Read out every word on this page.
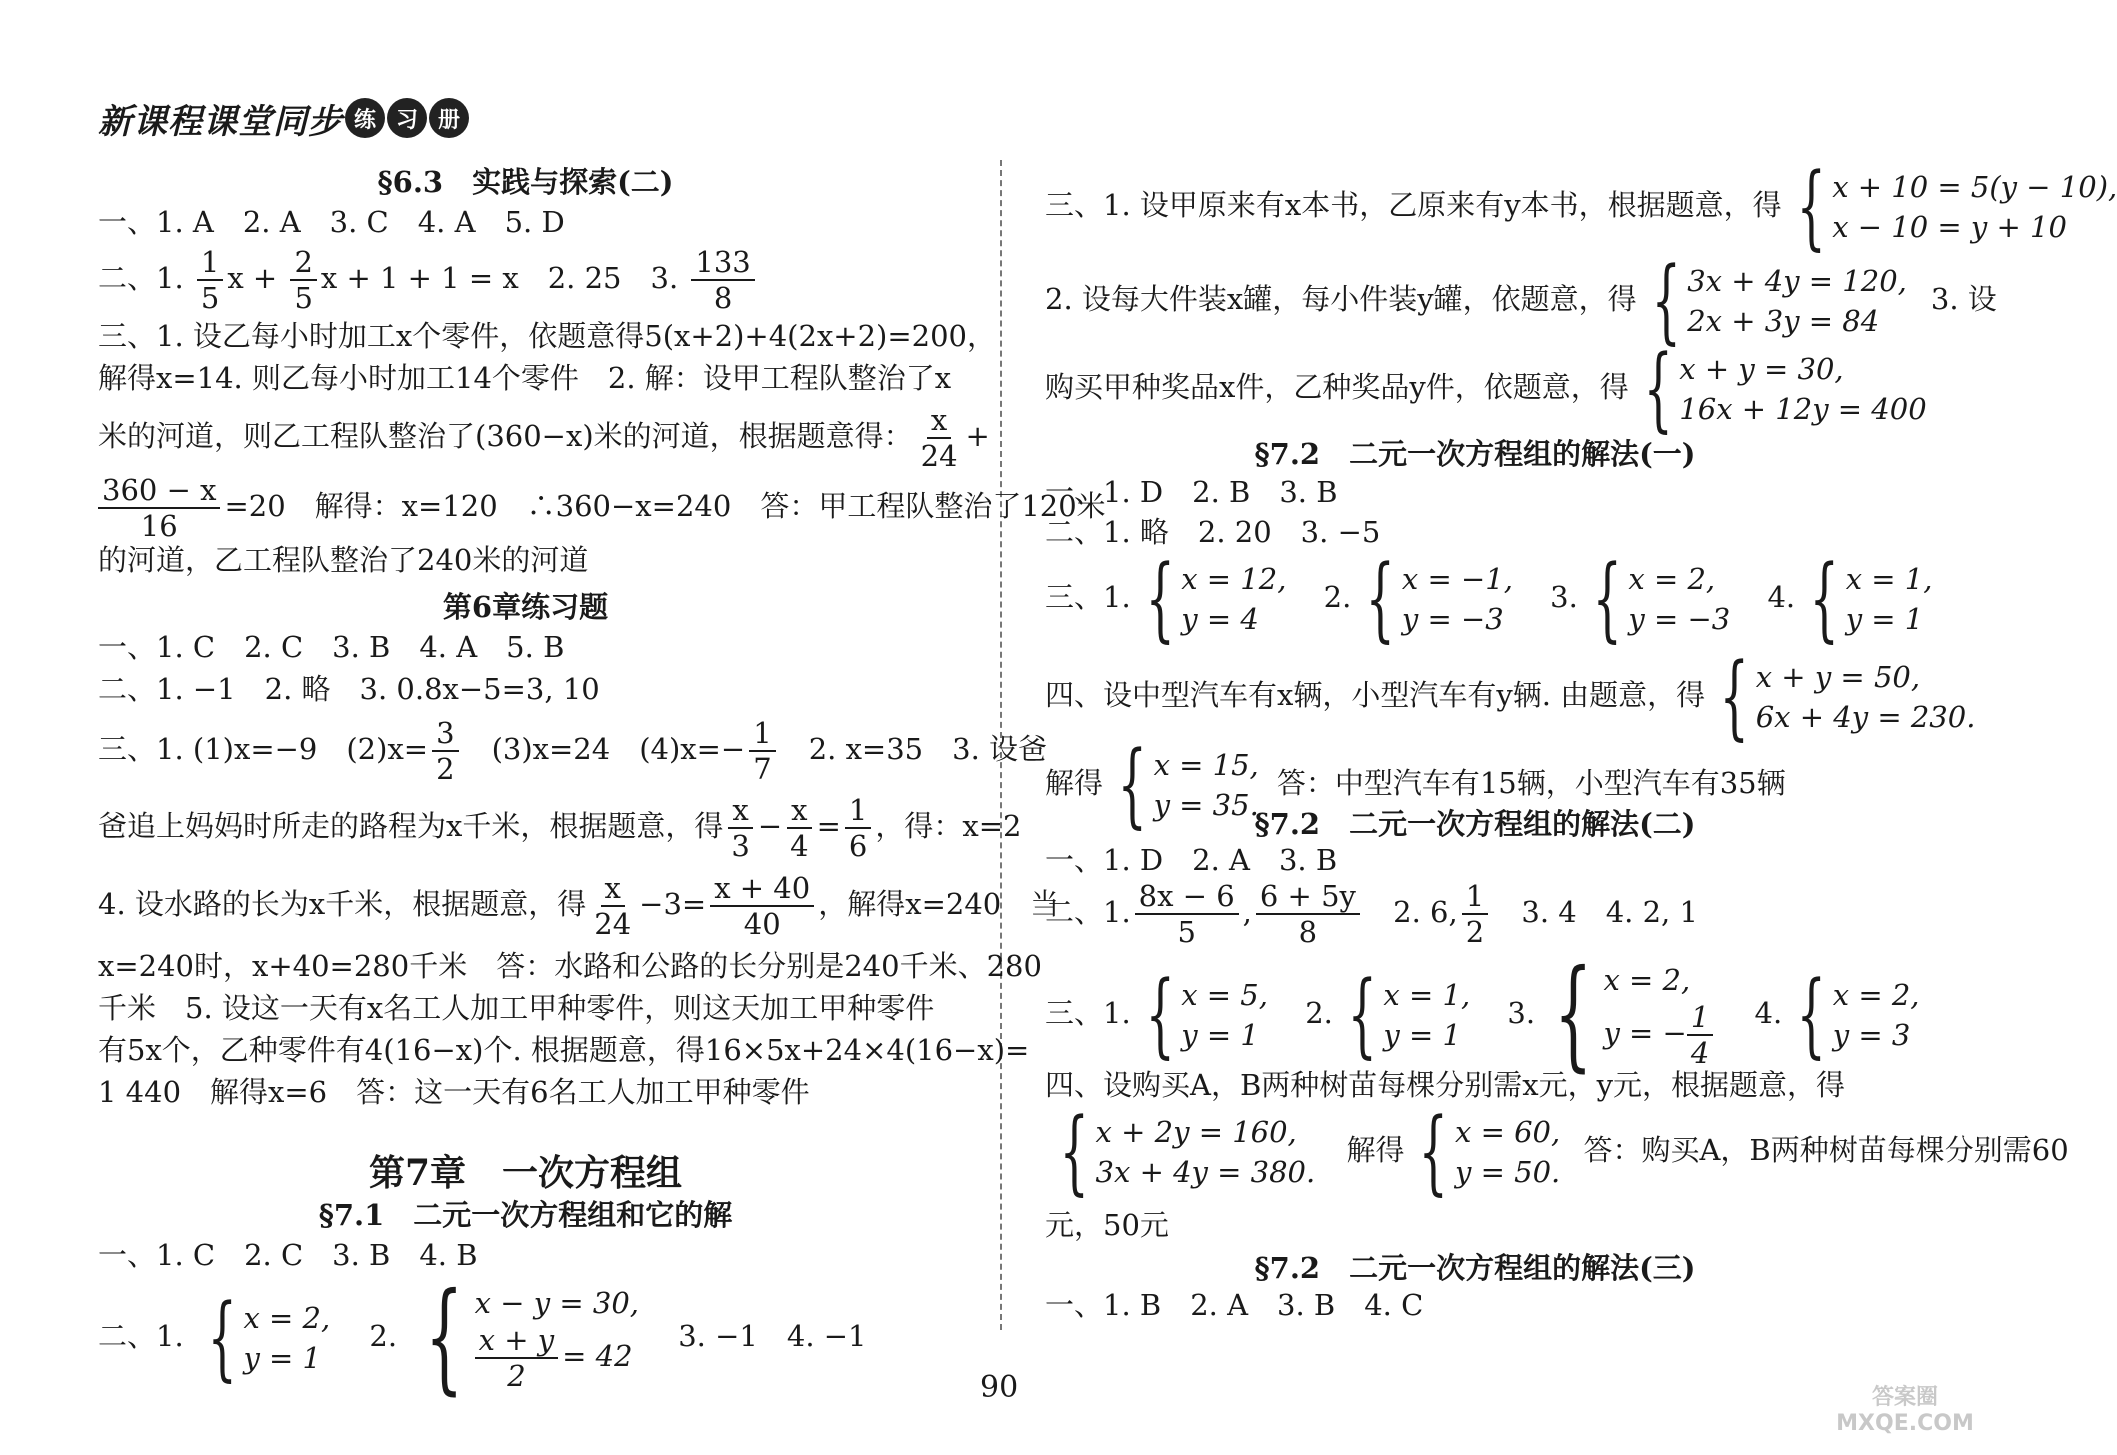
新课程课堂同步 练 习 册
§6.3　实践与探索(二)
一、1. A　2. A　3. C　4. A　5. D
二、1. $\frac{1}{5}$ $x + \frac{2}{5}$ x + 1 + 1 = x　2. 25　3. $\frac{133}{8}$
三、1. 设乙每小时加工x个零件，依题意得5(x+2)+4(2x+2)=200，
解得x=14. 则乙每小时加工14个零件　2. 解：设甲工程队整治了x
米的河道，则乙工程队整治了(360−x)米的河道，根据题意得： $\frac{x}{24}$ +
$\frac{360 - x}{16} =20$　解得：x=120　∴360−x=240　答：甲工程队整治了120米
的河道，乙工程队整治了240米的河道
第6章练习题
一、1. C　2. C　3. B　4. A　5. B
二、1. −1　2. 略　3. 0.8x−5=3, 10
三、1. (1)x=−9　$(2)x= \frac{3}{2}$ 　(3)x=24　$(4)x=- \frac{1}{7}$ 　2. x=35　3. 设爸
爸追上妈妈时所走的路程为x千米，根据题意，得 $\frac{x}{3} - \frac{x}{4} = \frac{1}{6}$ ，得：x=2
4. 设水路的长为x千米，根据题意，得 $\frac{x}{24} -3= \frac{x + 40}{40}$ ，解得x=240　当
x=240时，x+40=280千米　答：水路和公路的长分别是240千米、280
千米　5. 设这一天有x名工人加工甲种零件，则这天加工甲种零件
有5x个，乙种零件有4(16−x)个. 根据题意，得16×5x+24×4(16−x)=
1 440　解得x=6　答：这一天有6名工人加工甲种零件
第7章　一次方程组
§7.1　二元一次方程组和它的解
一、1. C　2. C　3. B　4. B
二、1. { x = 2,
y = 1
2. { x − y = 30,
$\frac{x + y}{2} = 42$
3. −1　4. −1
三、1. 设甲原来有x本书，乙原来有y本书，根据题意，得 { x + 10 = 5(y − 10),
x − 10 = y + 10
2. 设每大件装x罐，每小件装y罐，依题意，得 { 3x + 4y = 120,
2x + 3y = 84
3. 设
购买甲种奖品x件，乙种奖品y件，依题意，得 { x + y = 30,
16x + 12y = 400
§7.2　二元一次方程组的解法(一)
一、1. D　2. B　3. B
二、1. 略　2. 20　3. −5
三、1. { x = 12,
y = 4
2. { x = −1,
y = −3
3. { x = 2,
y = −3
4. { x = 1,
y = 1
四、设中型汽车有x辆，小型汽车有y辆. 由题意，得 { x + y = 50,
6x + 4y = 230.
解得 { x = 15,
y = 35.
答：中型汽车有15辆，小型汽车有35辆
§7.2　二元一次方程组的解法(二)
一、1. D　2. A　3. B
二、1. $\frac{8x - 6}{5}$ , $\frac{6 + 5y}{8} 2$. 6, $\frac{1}{2} 3$. 4　4. 2, 1
三、1. { x = 5,
y = 1
2. { x = 1,
y = 1
3. { x = 2,
y = − $\frac{1}{4} 4$. { x = 2,
y = 3
四、设购买A，B两种树苗每棵分别需x元，y元，根据题意，得
{ x + 2y = 160,
3x + 4y = 380.
解得 { x = 60,
y = 50.
答：购买A，B两种树苗每棵分别需60
元，50元
§7.2　二元一次方程组的解法(三)
一、1. B　2. A　3. B　4. C
90	答案圈 MXQE.COM
